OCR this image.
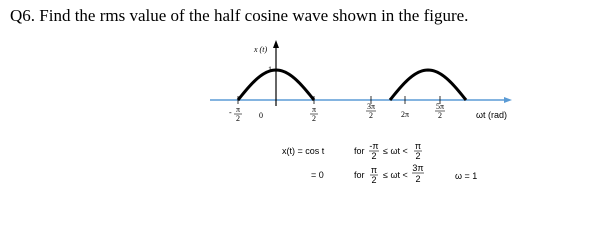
Q6. Find the rms value of the half cosine wave shown in the figure.
x (t)
1
- π
2 0
π
2
3π
2	2π
5π
2	ωt (rad)
x(t) = cos t	for -π
2 ≤ ωt < π
2
= 0	for π
2 ≤ ωt <
3π
2	ω = 1
